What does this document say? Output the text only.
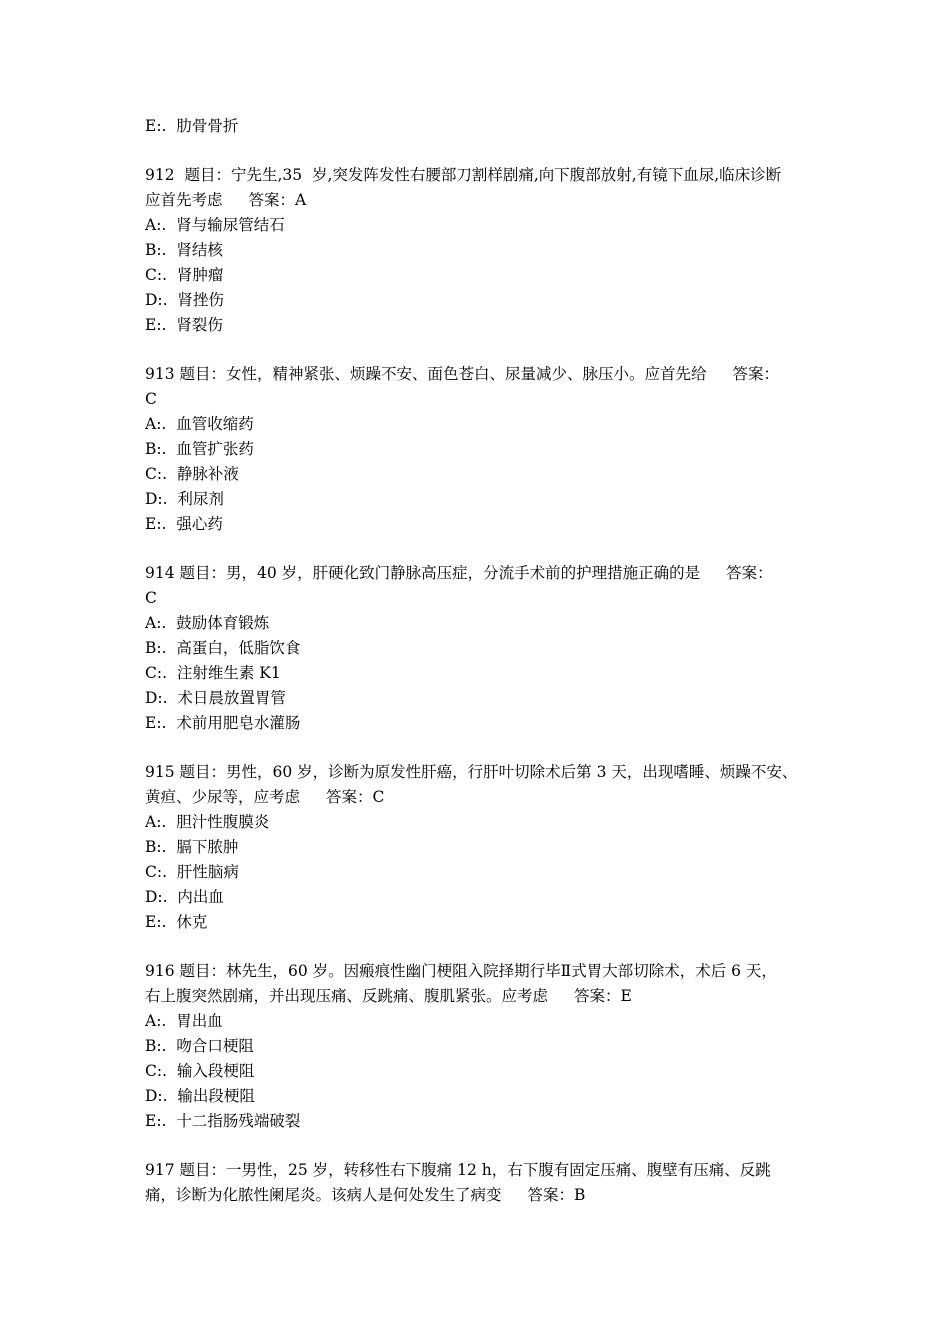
E:.  肋骨骨折
912  题目：宁先生,35  岁,突发阵发性右腰部刀割样剧痛,向下腹部放射,有镜下血尿,临床诊断
应首先考虑 答案：A
A:.  肾与输尿管结石
B:.  肾结核
C:.  肾肿瘤
D:.  肾挫伤
E:.  肾裂伤
913 题目：女性，精神紧张、烦躁不安、面色苍白、尿量减少、脉压小。应首先给 答案：
C
A:.  血管收缩药
B:.  血管扩张药
C:.  静脉补液
D:.  利尿剂
E:.  强心药
914 题目：男，40 岁，肝硬化致门静脉高压症，分流手术前的护理措施正确的是 答案：
C
A:.  鼓励体育锻炼
B:.  高蛋白，低脂饮食
C:.  注射维生素 K1
D:.  术日晨放置胃管
E:.  术前用肥皂水灌肠
915 题目：男性，60 岁，诊断为原发性肝癌，行肝叶切除术后第 3 天，出现嗜睡、烦躁不安、
黄疸、少尿等，应考虑 答案：C
A:.  胆汁性腹膜炎
B:.  膈下脓肿
C:.  肝性脑病
D:.  内出血
E:.  休克
916 题目：林先生，60 岁。因瘢痕性幽门梗阻入院择期行毕Ⅱ式胃大部切除术，术后 6 天，
右上腹突然剧痛，并出现压痛、反跳痛、腹肌紧张。应考虑 答案：E
A:.  胃出血
B:.  吻合口梗阻
C:.  输入段梗阻
D:.  输出段梗阻
E:.  十二指肠残端破裂
917 题目：一男性，25 岁，转移性右下腹痛 12 h，右下腹有固定压痛、腹壁有压痛、反跳
痛，诊断为化脓性阑尾炎。该病人是何处发生了病变 答案：B
